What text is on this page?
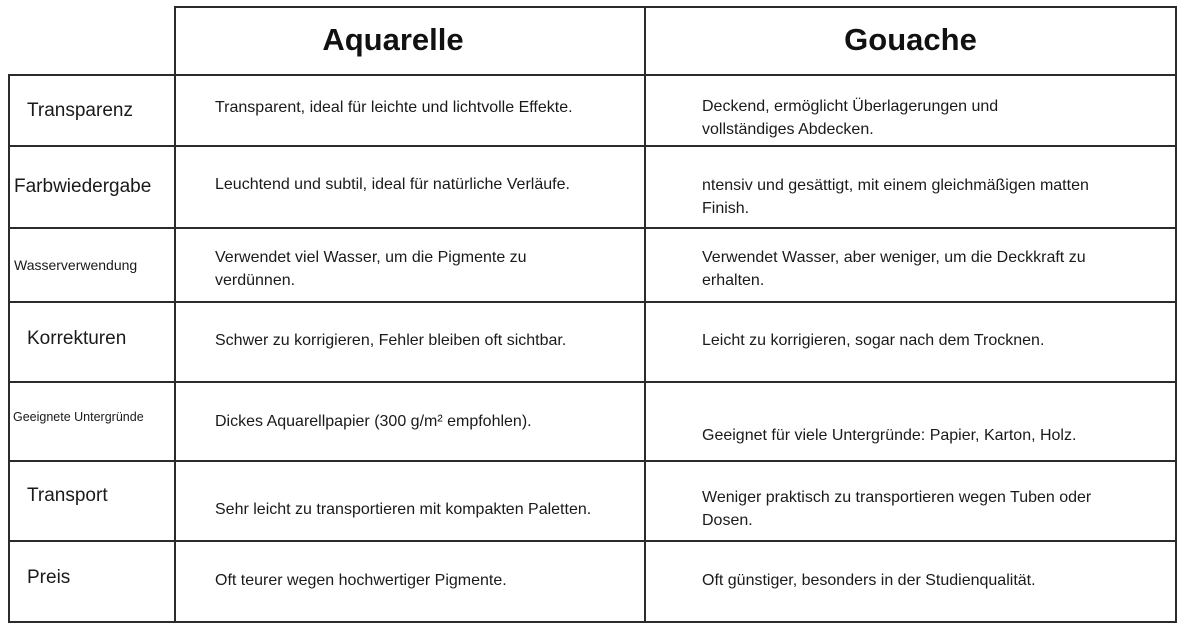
Aquarelle	Gouache
Transparenz
Farbwiedergabe
Wasserverwendung
Korrekturen
Geeignete Untergründe
Transport
Preis
Transparent, ideal für leichte und lichtvolle Effekte.
Leuchtend und subtil, ideal für natürliche Verläufe.
Verwendet viel Wasser, um die Pigmente zu verdünnen.
Schwer zu korrigieren, Fehler bleiben oft sichtbar.
Dickes Aquarellpapier (300 g/m² empfohlen).
Sehr leicht zu transportieren mit kompakten Paletten.
Oft teurer wegen hochwertiger Pigmente.
Deckend, ermöglicht Überlagerungen und vollständiges Abdecken.
ntensiv und gesättigt, mit einem gleichmäßigen matten Finish.
Verwendet Wasser, aber weniger, um die Deckkraft zu erhalten.
Leicht zu korrigieren, sogar nach dem Trocknen.
Geeignet für viele Untergründe: Papier, Karton, Holz.
Weniger praktisch zu transportieren wegen Tuben oder Dosen.
Oft günstiger, besonders in der Studienqualität.
